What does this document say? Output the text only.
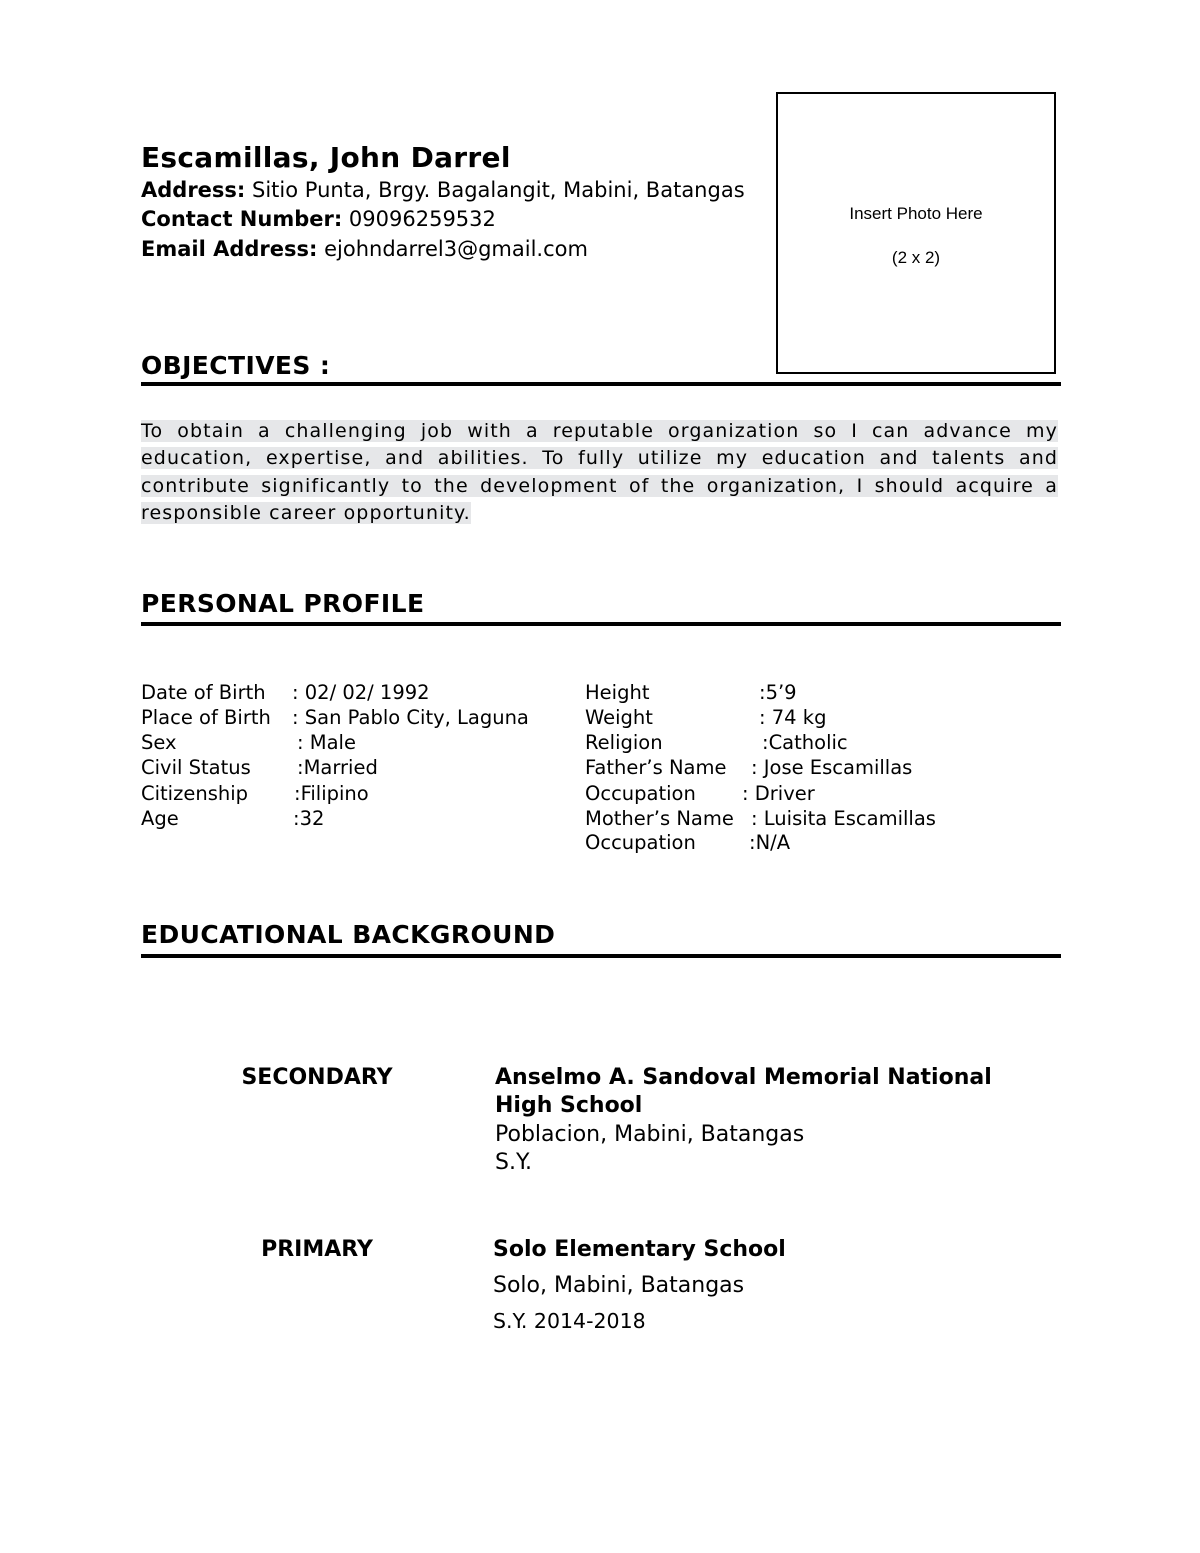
Escamillas, John Darrel
Address: Sitio Punta, Brgy. Bagalangit, Mabini, Batangas
Contact Number: 09096259532
Email Address: ejohndarrel3@gmail.com
Insert Photo Here
(2 x 2)
OBJECTIVES :
To obtain a challenging job with a reputable organization so I can advance my education, expertise, and abilities. To fully utilize my education and talents and contribute significantly to the development of the organization, I should acquire a responsible career opportunity.
PERSONAL PROFILE
Date of Birth : 02/ 02/ 1992
Place of Birth : San Pablo City, Laguna
Sex	: Male
Civil Status :Married
Citizenship :Filipino
Age	:32
Height	:5’9
Weight	: 74 kg
Religion	:Catholic
Father’s Name : Jose Escamillas
Occupation : Driver
Mother’s Name : Luisita Escamillas
Occupation	:N/A
EDUCATIONAL BACKGROUND
SECONDARY	Anselmo A. Sandoval Memorial National
High School
Poblacion, Mabini, Batangas
S.Y.
PRIMARY	Solo Elementary School
Solo, Mabini, Batangas
S.Y. 2014-2018
